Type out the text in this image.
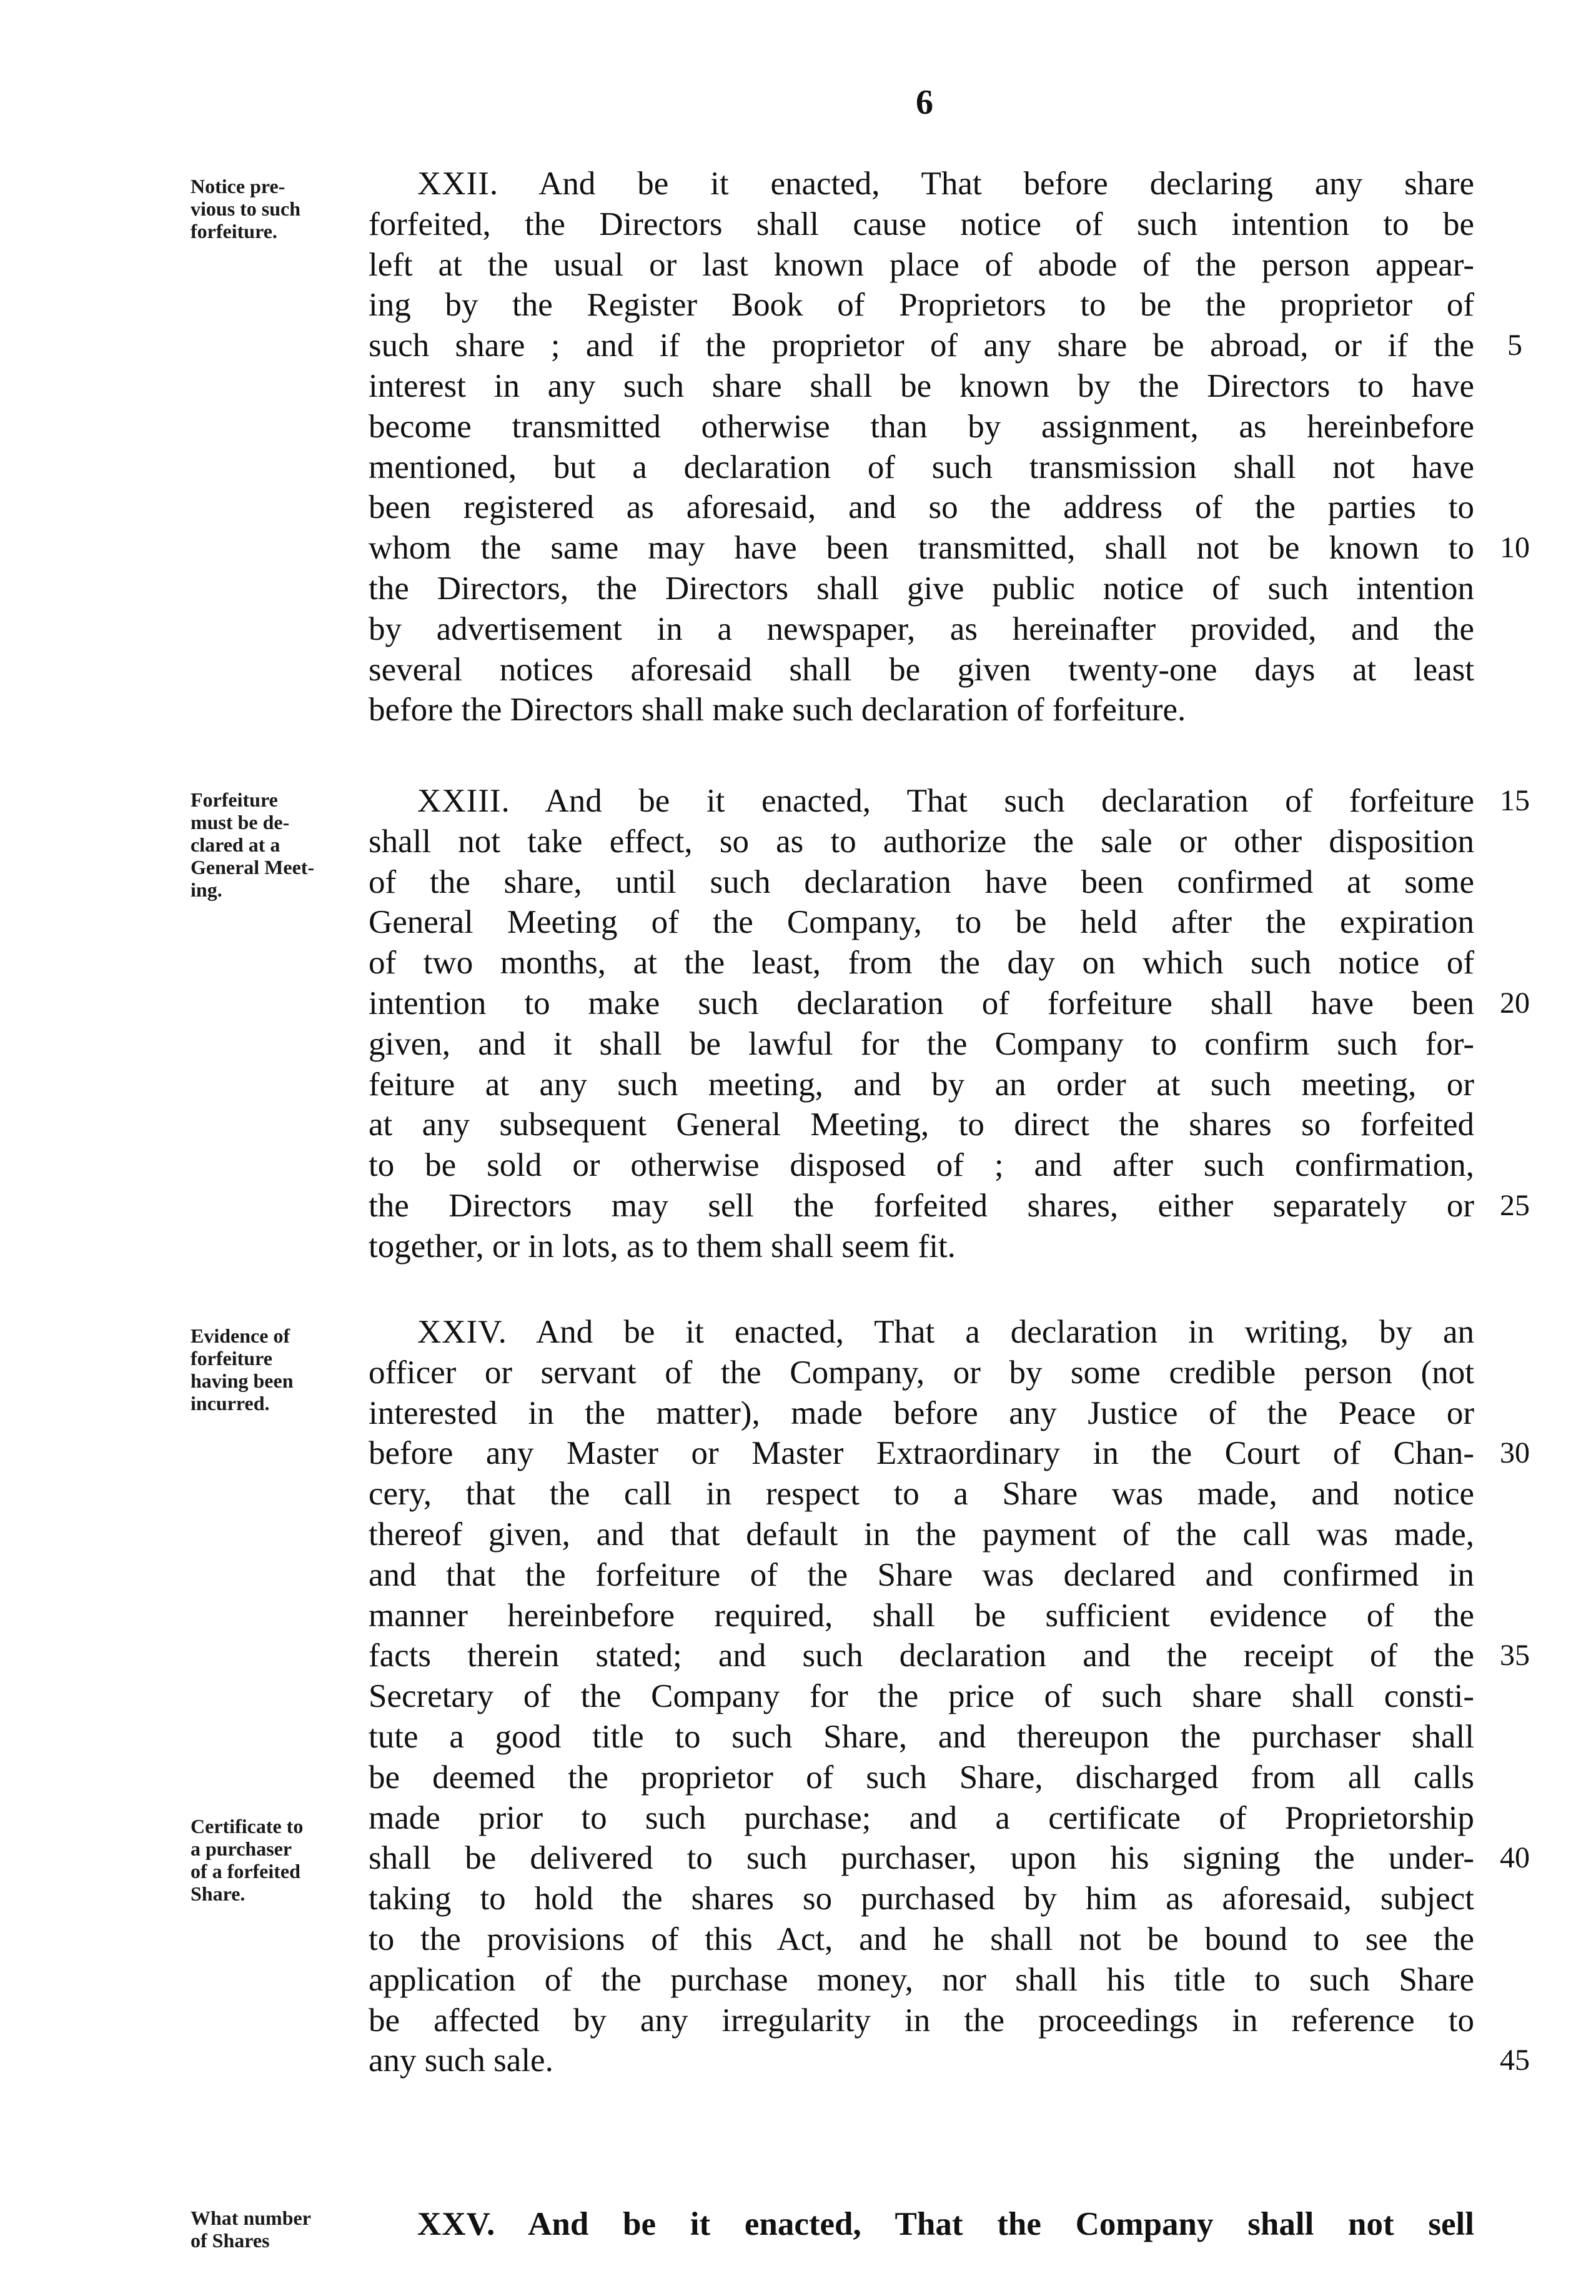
6
Notice pre-
vious to such
forfeiture.
Forfeiture
must be de-
clared at a
General Meet-
ing.
Evidence of
forfeiture
having been
incurred.
Certificate to
a purchaser
of a forfeited
Share.
What number
of Shares
XXII. And be it enacted, That before declaring any share
forfeited, the Directors shall cause notice of such intention to be
left at the usual or last known place of abode of the person appear-
ing by the Register Book of Proprietors to be the proprietor of
such share ; and if the proprietor of any share be abroad, or if the
interest in any such share shall be known by the Directors to have
become transmitted otherwise than by assignment, as hereinbefore
mentioned, but a declaration of such transmission shall not have
been registered as aforesaid, and so the address of the parties to
whom the same may have been transmitted, shall not be known to
the Directors, the Directors shall give public notice of such intention
by advertisement in a newspaper, as hereinafter provided, and the
several notices aforesaid shall be given twenty-one days at least
before the Directors shall make such declaration of forfeiture.
XXIII. And be it enacted, That such declaration of forfeiture
shall not take effect, so as to authorize the sale or other disposition
of the share, until such declaration have been confirmed at some
General Meeting of the Company, to be held after the expiration
of two months, at the least, from the day on which such notice of
intention to make such declaration of forfeiture shall have been
given, and it shall be lawful for the Company to confirm such for-
feiture at any such meeting, and by an order at such meeting, or
at any subsequent General Meeting, to direct the shares so forfeited
to be sold or otherwise disposed of ; and after such confirmation,
the Directors may sell the forfeited shares, either separately or
together, or in lots, as to them shall seem fit.
XXIV. And be it enacted, That a declaration in writing, by an
officer or servant of the Company, or by some credible person (not
interested in the matter), made before any Justice of the Peace or
before any Master or Master Extraordinary in the Court of Chan-
cery, that the call in respect to a Share was made, and notice
thereof given, and that default in the payment of the call was made,
and that the forfeiture of the Share was declared and confirmed in
manner hereinbefore required, shall be sufficient evidence of the
facts therein stated; and such declaration and the receipt of the
Secretary of the Company for the price of such share shall consti-
tute a good title to such Share, and thereupon the purchaser shall
be deemed the proprietor of such Share, discharged from all calls
made prior to such purchase; and a certificate of Proprietorship
shall be delivered to such purchaser, upon his signing the under-
taking to hold the shares so purchased by him as aforesaid, subject
to the provisions of this Act, and he shall not be bound to see the
application of the purchase money, nor shall his title to such Share
be affected by any irregularity in the proceedings in reference to
any such sale.
XXV. And be it enacted, That the Company shall not sell
5
10
15
20
25
30
35
40
45
